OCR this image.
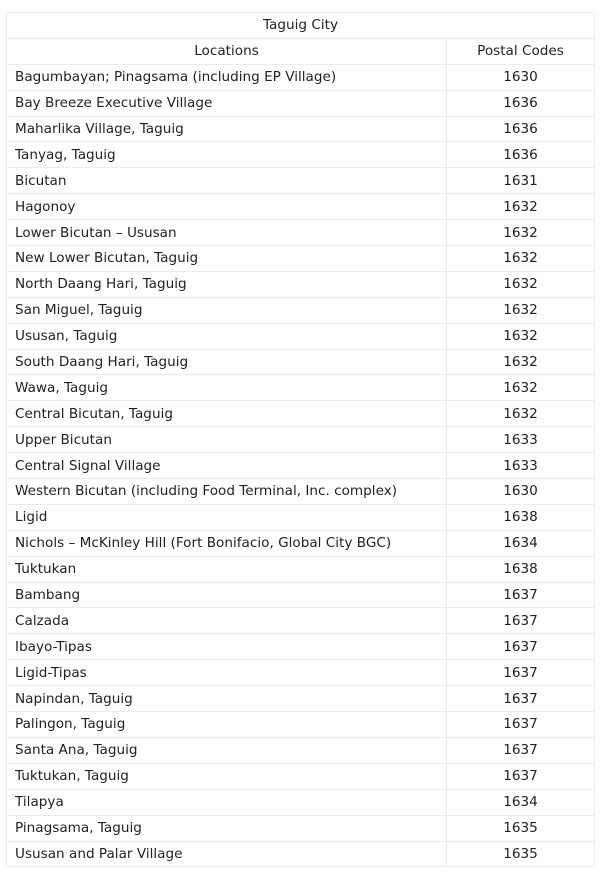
Taguig City	
Locations	Postal Codes
Bagumbayan; Pinagsama (including EP Village)	1630
Bay Breeze Executive Village	1636
Maharlika Village, Taguig	1636
Tanyag, Taguig	1636
Bicutan	1631
Hagonoy	1632
Lower Bicutan – Ususan	1632
New Lower Bicutan, Taguig	1632
North Daang Hari, Taguig	1632
San Miguel, Taguig	1632
Ususan, Taguig	1632
South Daang Hari, Taguig	1632
Wawa, Taguig	1632
Central Bicutan, Taguig	1632
Upper Bicutan	1633
Central Signal Village	1633
Western Bicutan (including Food Terminal, Inc. complex)	1630
Ligid	1638
Nichols – McKinley Hill (Fort Bonifacio, Global City BGC)	1634
Tuktukan	1638
Bambang	1637
Calzada	1637
Ibayo-Tipas	1637
Ligid-Tipas	1637
Napindan, Taguig	1637
Palingon, Taguig	1637
Santa Ana, Taguig	1637
Tuktukan, Taguig	1637
Tilapya	1634
Pinagsama, Taguig	1635
Ususan and Palar Village	1635
